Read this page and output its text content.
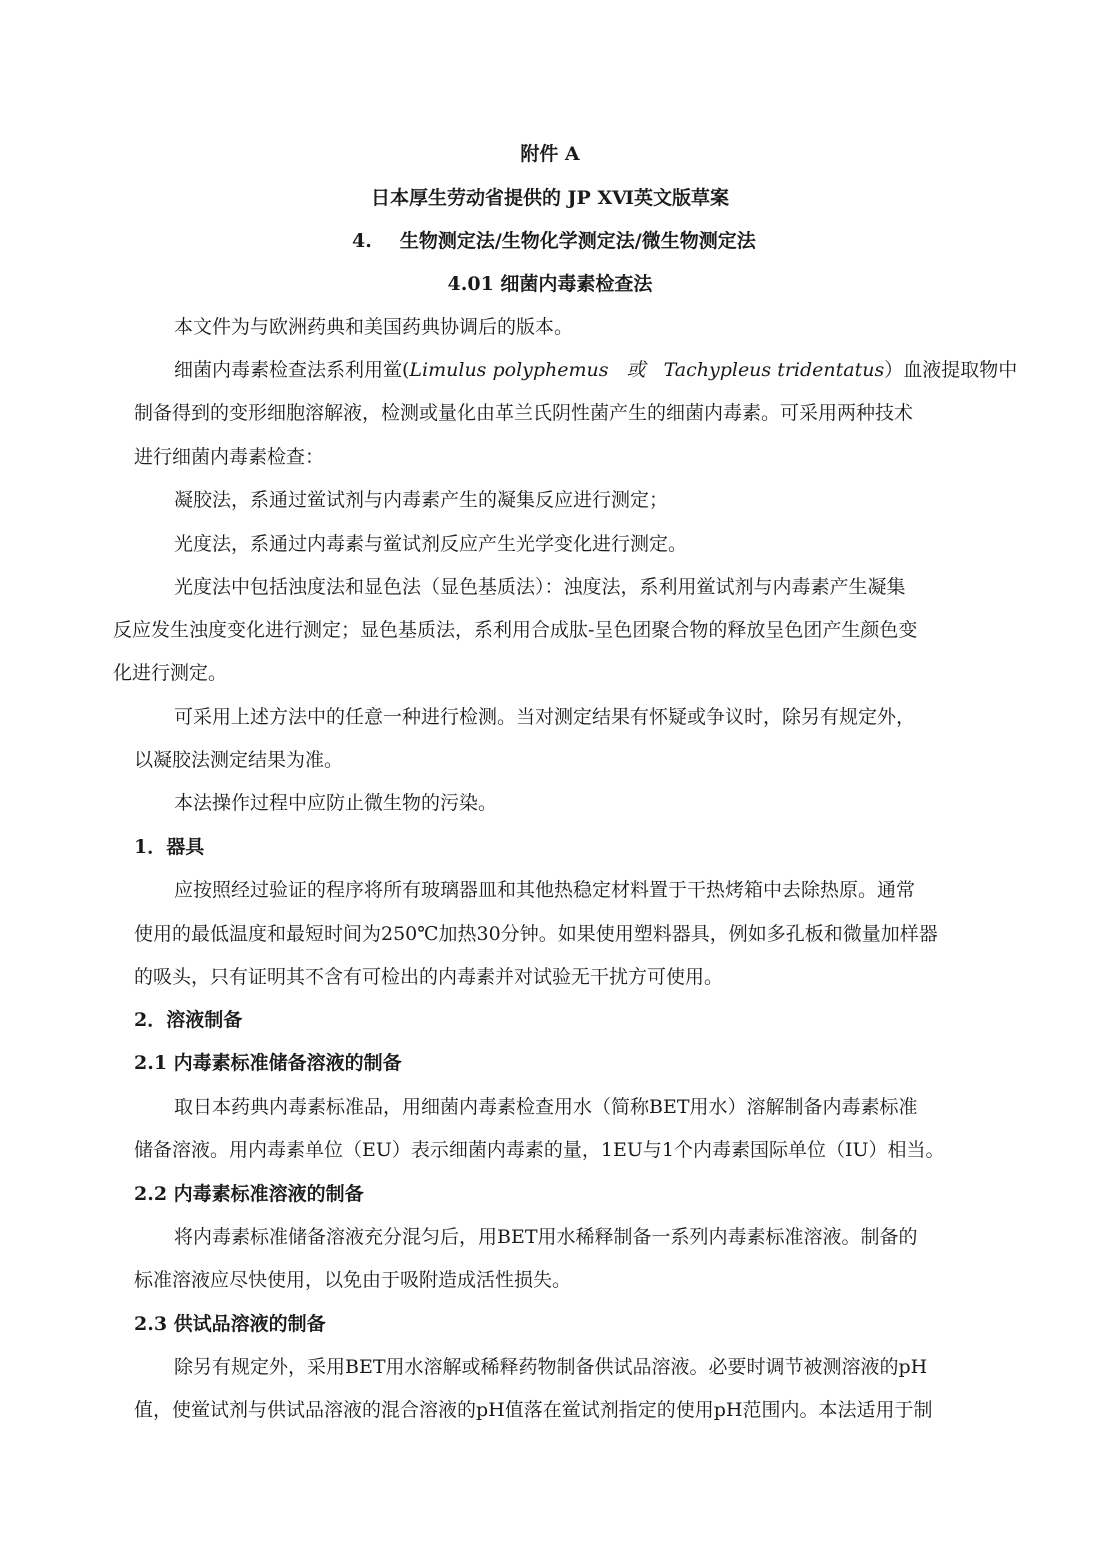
附件 A
日本厚生劳动省提供的 JP ⅩⅥ英文版草案
4. 生物测定法/生物化学测定法/微生物测定法
4.01 细菌内毒素检查法
本文件为与欧洲药典和美国药典协调后的版本。
细菌内毒素检查法系利用鲎(Limulus polyphemus 或 Tachypleus tridentatus）血液提取物中
制备得到的变形细胞溶解液，检测或量化由革兰氏阴性菌产生的细菌内毒素。可采用两种技术
进行细菌内毒素检查：
凝胶法，系通过鲎试剂与内毒素产生的凝集反应进行测定；
光度法，系通过内毒素与鲎试剂反应产生光学变化进行测定。
光度法中包括浊度法和显色法（显色基质法）：浊度法，系利用鲎试剂与内毒素产生凝集
反应发生浊度变化进行测定；显色基质法，系利用合成肽-呈色团聚合物的释放呈色团产生颜色变
化进行测定。
可采用上述方法中的任意一种进行检测。当对测定结果有怀疑或争议时，除另有规定外，
以凝胶法测定结果为准。
本法操作过程中应防止微生物的污染。
1．器具
应按照经过验证的程序将所有玻璃器皿和其他热稳定材料置于干热烤箱中去除热原。通常
使用的最低温度和最短时间为250℃加热30分钟。如果使用塑料器具，例如多孔板和微量加样器
的吸头，只有证明其不含有可检出的内毒素并对试验无干扰方可使用。
2．溶液制备
2.1 内毒素标准储备溶液的制备
取日本药典内毒素标准品，用细菌内毒素检查用水（简称BET用水）溶解制备内毒素标准
储备溶液。用内毒素单位（EU）表示细菌内毒素的量，1EU与1个内毒素国际单位（IU）相当。
2.2 内毒素标准溶液的制备
将内毒素标准储备溶液充分混匀后，用BET用水稀释制备一系列内毒素标准溶液。制备的
标准溶液应尽快使用，以免由于吸附造成活性损失。
2.3 供试品溶液的制备
除另有规定外，采用BET用水溶解或稀释药物制备供试品溶液。必要时调节被测溶液的pH
值，使鲎试剂与供试品溶液的混合溶液的pH值落在鲎试剂指定的使用pH范围内。本法适用于制
